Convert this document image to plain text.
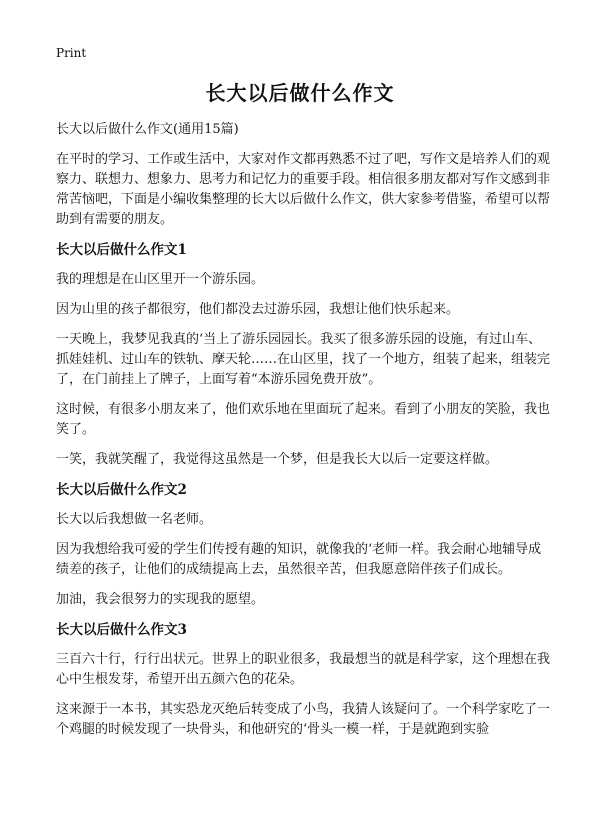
Print
长大以后做什么作文

长大以后做什么作文(通用15篇)

在平时的学习、工作或生活中，大家对作文都再熟悉不过了吧，写作文是培养人们的观察力、联想力、想象力、思考力和记忆力的重要手段。相信很多朋友都对写作文感到非常苦恼吧，下面是小编收集整理的长大以后做什么作文，供大家参考借鉴，希望可以帮助到有需要的朋友。

长大以后做什么作文1

我的理想是在山区里开一个游乐园。

因为山里的孩子都很穷，他们都没去过游乐园，我想让他们快乐起来。

一天晚上，我梦见我真的‘当上了游乐园园长。我买了很多游乐园的设施，有过山车、抓娃娃机、过山车的铁轨、摩天轮……在山区里，找了一个地方，组装了起来，组装完了，在门前挂上了牌子，上面写着“本游乐园免费开放”。

这时候，有很多小朋友来了，他们欢乐地在里面玩了起来。看到了小朋友的笑脸，我也笑了。

一笑，我就笑醒了，我觉得这虽然是一个梦，但是我长大以后一定要这样做。

长大以后做什么作文2

长大以后我想做一名老师。

因为我想给我可爱的学生们传授有趣的知识，就像我的‘老师一样。我会耐心地辅导成绩差的孩子，让他们的成绩提高上去，虽然很辛苦，但我愿意陪伴孩子们成长。

加油，我会很努力的实现我的愿望。

长大以后做什么作文3

三百六十行，行行出状元。世界上的职业很多，我最想当的就是科学家，这个理想在我心中生根发芽，希望开出五颜六色的花朵。

这来源于一本书，其实恐龙灭绝后转变成了小鸟，我猜人该疑问了。一个科学家吃了一个鸡腿的时候发现了一块骨头，和他研究的‘骨头一模一样，于是就跑到实验
